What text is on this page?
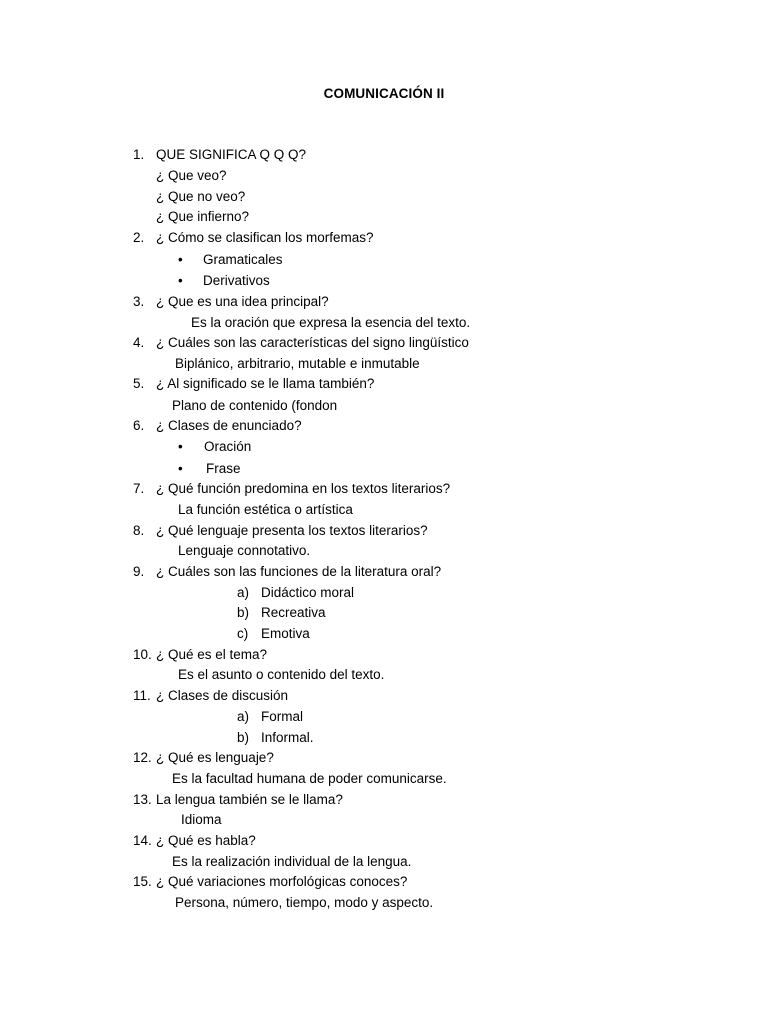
COMUNICACIÓN II
1. QUE SIGNIFICA Q Q Q?
¿ Que veo?
¿ Que no veo?
¿ Que infierno?
2. ¿ Cómo se clasifican los morfemas?
• Gramaticales
• Derivativos
3. ¿ Que es una idea principal?
Es la oración que expresa la esencia del texto.
4. ¿ Cuáles son las características del signo lingüístico
Biplánico, arbitrario, mutable e inmutable
5. ¿ Al significado se le llama también?
Plano de contenido (fondon
6. ¿ Clases de enunciado?
• Oración
• Frase
7. ¿ Qué función predomina en los textos literarios?
La función estética o artística
8. ¿ Qué lenguaje presenta los textos literarios?
Lenguaje connotativo.
9. ¿ Cuáles son las funciones de la literatura oral?
a) Didáctico moral
b) Recreativa
c) Emotiva
10. ¿ Qué es el tema?
Es el asunto o contenido del texto.
11. ¿ Clases de discusión
a) Formal
b) Informal.
12. ¿ Qué es lenguaje?
Es la facultad humana de poder comunicarse.
13. La lengua también se le llama?
Idioma
14. ¿ Qué es habla?
Es la realización individual de la lengua.
15. ¿ Qué variaciones morfológicas conoces?
Persona, número, tiempo, modo y aspecto.
